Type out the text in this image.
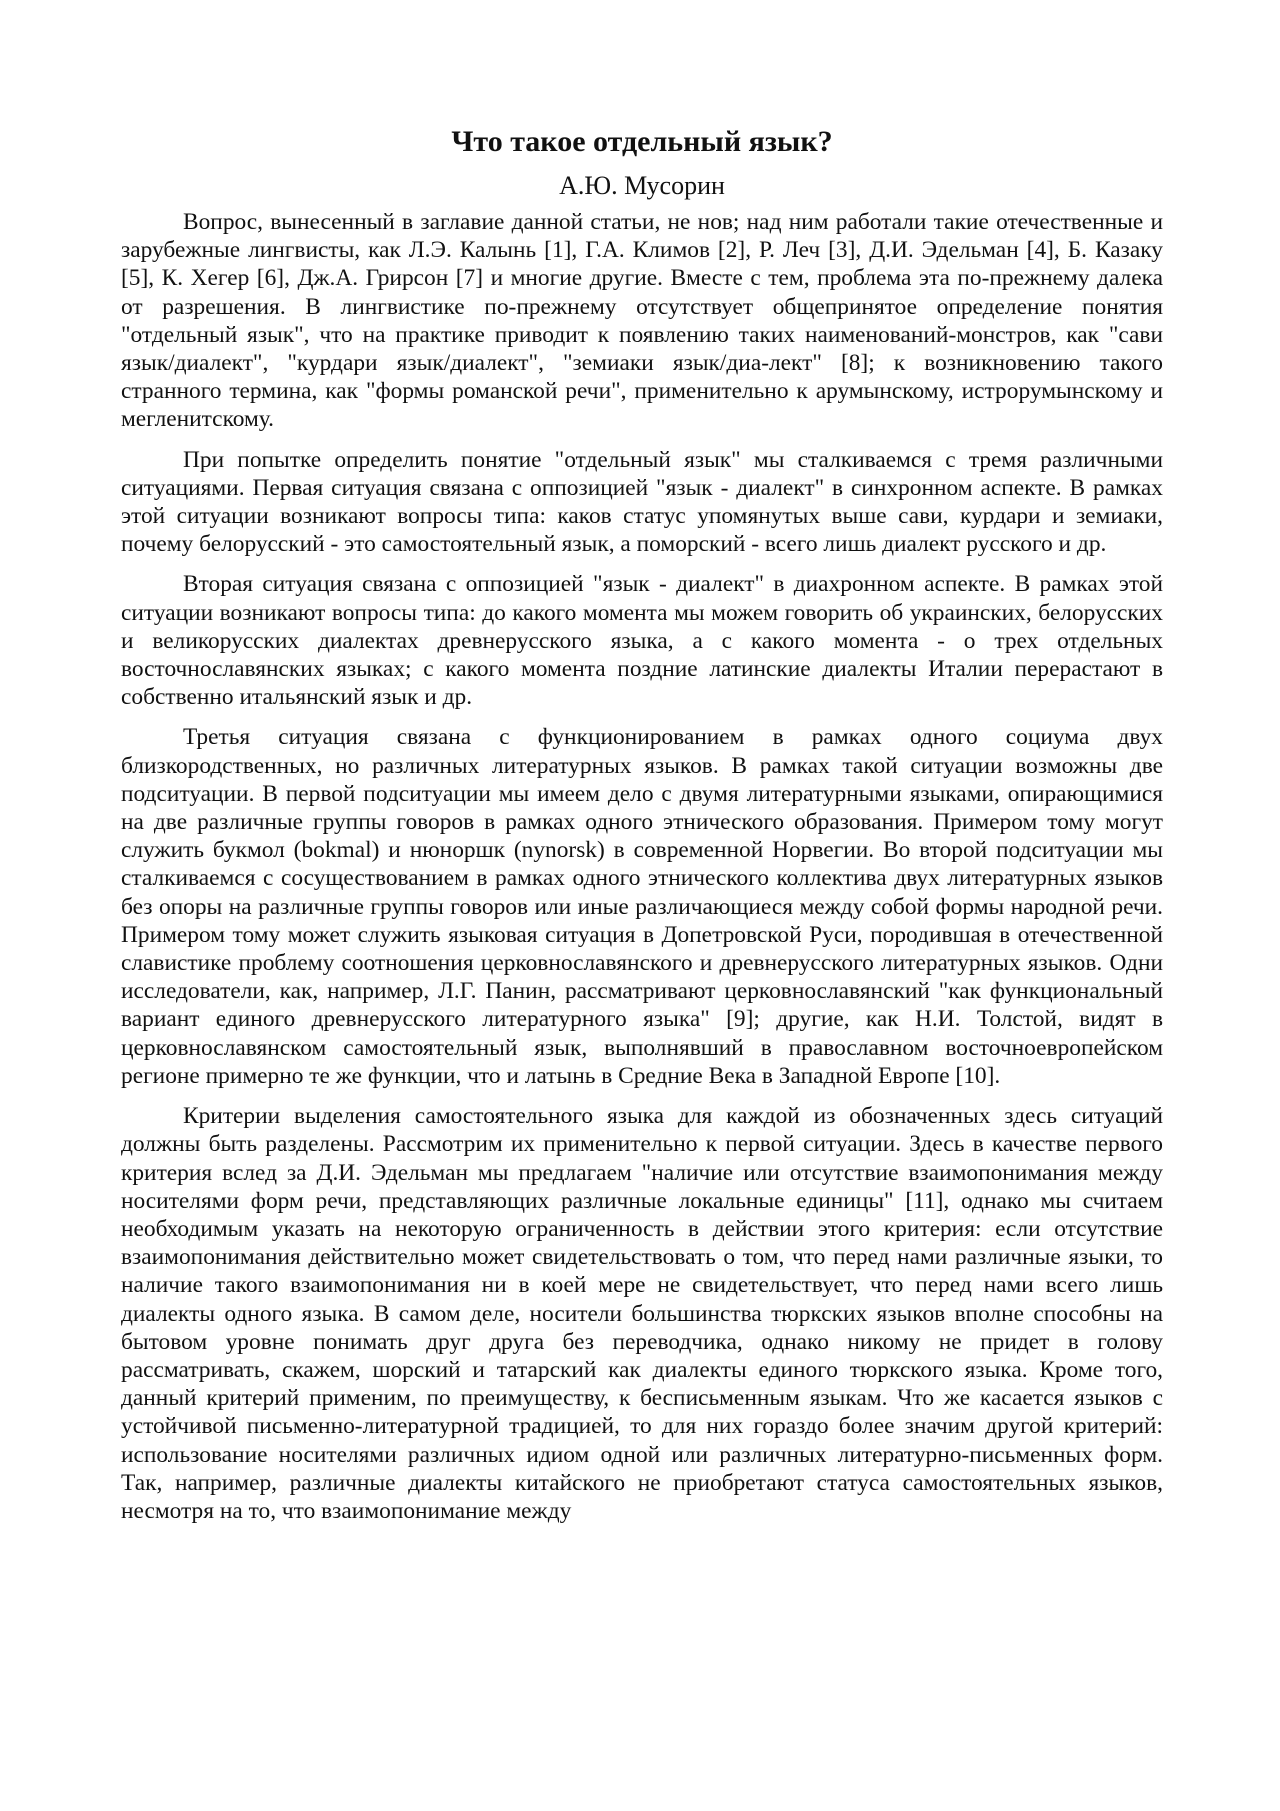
Что такое отдельный язык?
А.Ю. Мусорин

Вопрос, вынесенный в заглавие данной статьи, не нов; над ним работали такие отечественные и зарубежные лингвисты, как Л.Э. Калынь [1], Г.А. Климов [2], Р. Леч [3], Д.И. Эдельман [4], Б. Казаку [5], К. Хегер [6], Дж.А. Грирсон [7] и многие другие. Вместе с тем, проблема эта по-прежнему далека от разрешения. В лингвистике по-прежнему отсутствует общепринятое определение понятия "отдельный язык", что на практике приводит к появлению таких наименований-монстров, как "сави язык/диалект", "курдари язык/диалект", "земиаки язык/диа-лект" [8]; к возникновению такого странного термина, как "формы романской речи", применительно к арумынскому, истрорумынскому и мегленитскому.

При попытке определить понятие "отдельный язык" мы сталкиваемся с тремя различными ситуациями. Первая ситуация связана с оппозицией "язык - диалект" в синхронном аспекте. В рамках этой ситуации возникают вопросы типа: каков статус упомянутых выше сави, курдари и земиаки, почему белорусский - это самостоятельный язык, а поморский - всего лишь диалект русского и др.

Вторая ситуация связана с оппозицией "язык - диалект" в диахронном аспекте. В рамках этой ситуации возникают вопросы типа: до какого момента мы можем говорить об украинских, белорусских и великорусских диалектах древнерусского языка, а с какого момента - о трех отдельных восточнославянских языках; с какого момента поздние латинские диалекты Италии перерастают в собственно итальянский язык и др.

Третья ситуация связана с функционированием в рамках одного социума двух близкородственных, но различных литературных языков. В рамках такой ситуации возможны две подситуации. В первой подситуации мы имеем дело с двумя литературными языками, опирающимися на две различные группы говоров в рамках одного этнического образования. Примером тому могут служить букмол (bokmal) и нюноршк (nynorsk) в современной Норвегии. Во второй подситуации мы сталкиваемся с сосуществованием в рамках одного этнического коллектива двух литературных языков без опоры на различные группы говоров или иные различающиеся между собой формы народной речи. Примером тому может служить языковая ситуация в Допетровской Руси, породившая в отечественной славистике проблему соотношения церковнославянского и древнерусского литературных языков. Одни исследователи, как, например, Л.Г. Панин, рассматривают церковнославянский "как функциональный вариант единого древнерусского литературного языка" [9]; другие, как Н.И. Толстой, видят в церковнославянском самостоятельный язык, выполнявший в православном восточноевропейском регионе примерно те же функции, что и латынь в Средние Века в Западной Европе [10].

Критерии выделения самостоятельного языка для каждой из обозначенных здесь ситуаций должны быть разделены. Рассмотрим их применительно к первой ситуации. Здесь в качестве первого критерия вслед за Д.И. Эдельман мы предлагаем "наличие или отсутствие взаимопонимания между носителями форм речи, представляющих различные локальные единицы" [11], однако мы считаем необходимым указать на некоторую ограниченность в действии этого критерия: если отсутствие взаимопонимания действительно может свидетельствовать о том, что перед нами различные языки, то наличие такого взаимопонимания ни в коей мере не свидетельствует, что перед нами всего лишь диалекты одного языка. В самом деле, носители большинства тюркских языков вполне способны на бытовом уровне понимать друг друга без переводчика, однако никому не придет в голову рассматривать, скажем, шорский и татарский как диалекты единого тюркского языка. Кроме того, данный критерий применим, по преимуществу, к бесписьменным языкам. Что же касается языков с устойчивой письменно-литературной традицией, то для них гораздо более значим другой критерий: использование носителями различных идиом одной или различных литературно-письменных форм. Так, например, различные диалекты китайского не приобретают статуса самостоятельных языков, несмотря на то, что взаимопонимание между
